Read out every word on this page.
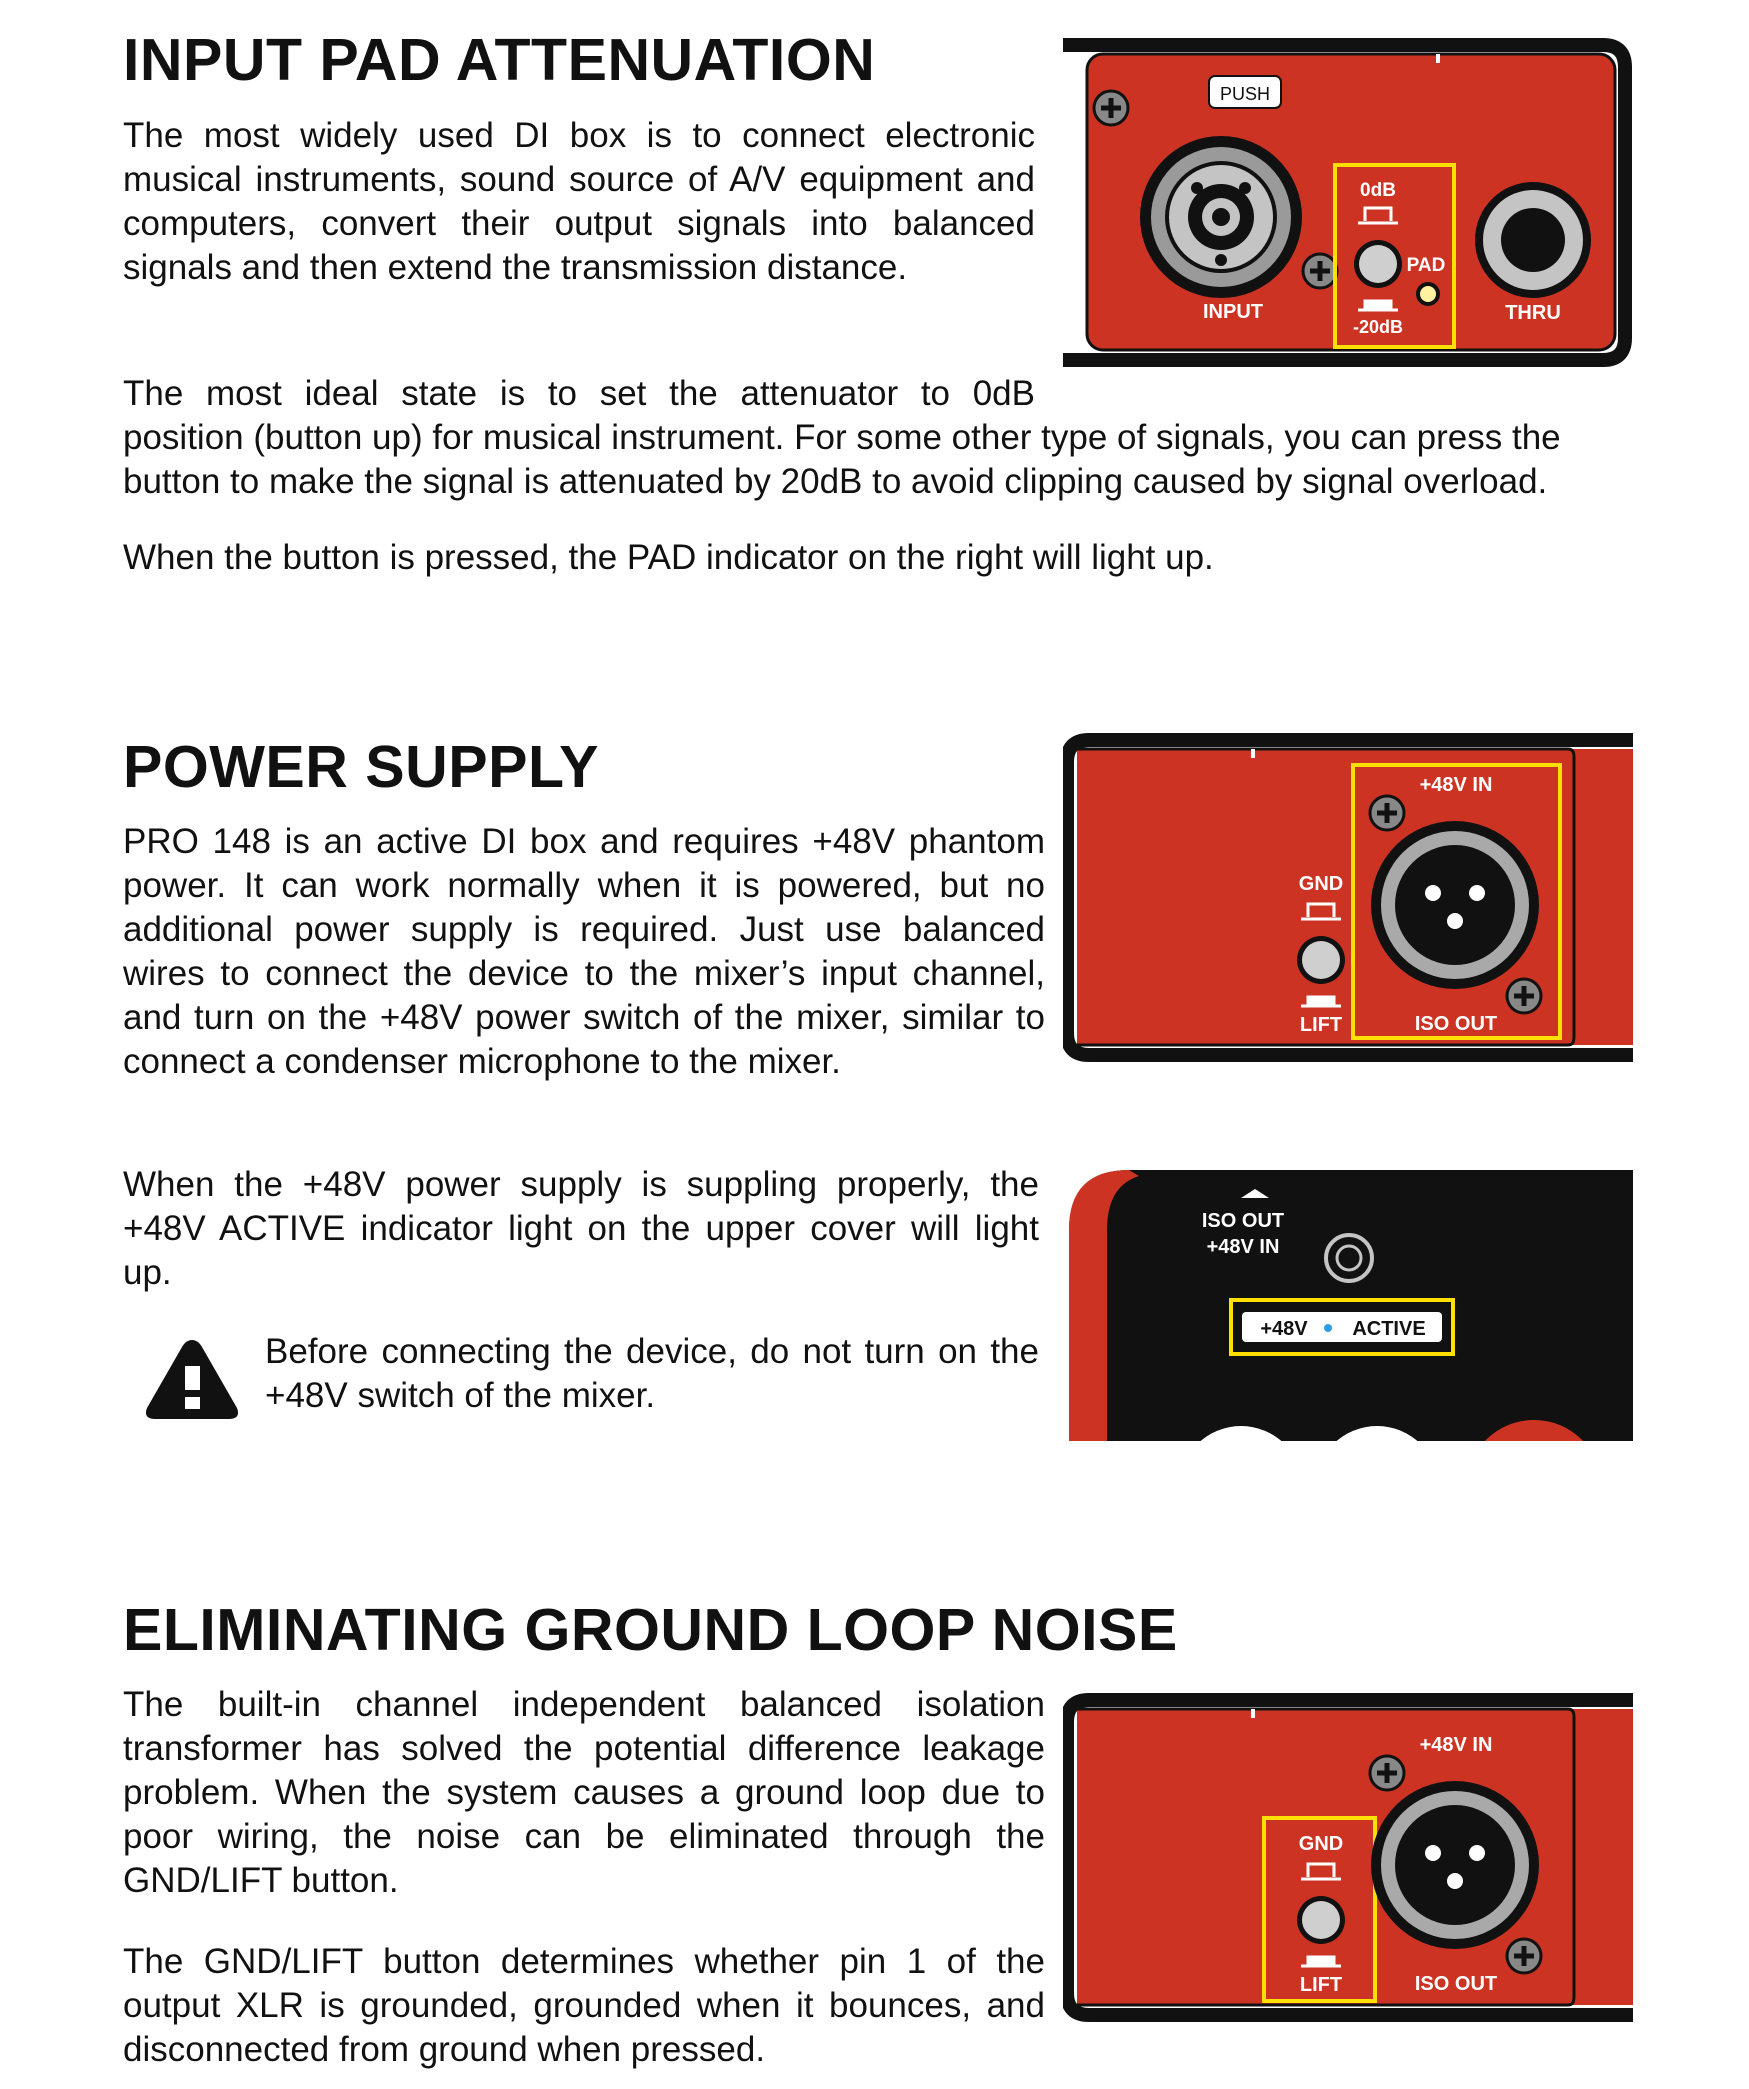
INPUT PAD ATTENUATION

The most widely used DI box is to connect electronic musical instruments, sound source of A/V equipment and computers, convert their output signals into balanced signals and then extend the transmission distance.

The most ideal state is to set the attenuator to 0dB
position (button up) for musical instrument. For some other type of signals, you can press the
button to make the signal is attenuated by 20dB to avoid clipping caused by signal overload.

When the button is pressed, the PAD indicator on the right will light up.

PUSH
INPUT
0dB
-20dB
PAD
THRU
POWER SUPPLY

PRO 148 is an active DI box and requires +48V phantom power. It can work normally when it is powered, but no additional power supply is required. Just use balanced wires to connect the device to the mixer’s input channel, and turn on the +48V power switch of the mixer, similar to connect a condenser microphone to the mixer.

When the +48V power supply is suppling properly, the +48V ACTIVE indicator light on the upper cover will light up.

Before connecting the device, do not turn on the +48V switch of the mixer.

GND
LIFT
+48V IN
ISO OUT
ISO OUT
+48V IN
+48V ACTIVE
ELIMINATING GROUND LOOP NOISE

The built-in channel independent balanced isolation transformer has solved the potential difference leakage problem. When the system causes a ground loop due to poor wiring, the noise can be eliminated through the GND/LIFT button.

The GND/LIFT button determines whether pin 1 of the output XLR is grounded, grounded when it bounces, and disconnected from ground when pressed.

GND
LIFT
+48V IN
ISO OUT
